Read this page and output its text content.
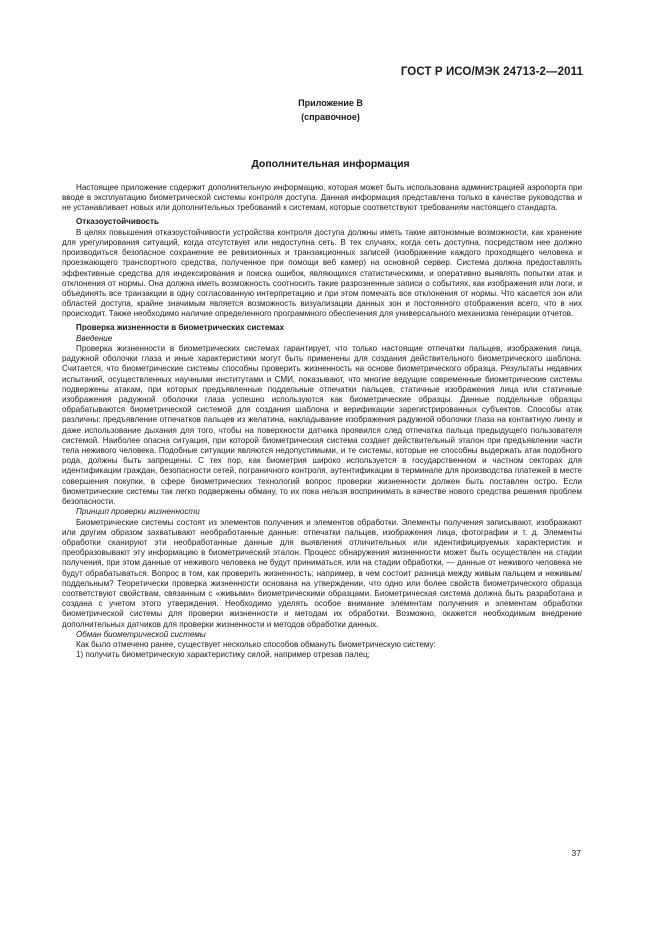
ГОСТ Р ИСО/МЭК 24713-2—2011
Приложение В
(справочное)
Дополнительная информация

Настоящее приложение содержит дополнительную информацию, которая может быть использована администрацией аэропорта при вводе в эксплуатацию биометрической системы контроля доступа. Данная информация представлена только в качестве руководства и не устанавливает новых или дополнительных требований к системам, которые соответствуют требованиям настоящего стандарта.

Отказоустойчивость

В целях повышения отказоустойчивости устройства контроля доступа должны иметь такие автономные возможности, как хранение для урегулирования ситуаций, когда отсутствует или недоступна сеть. В тех случаях, когда сеть доступна, посредством нее должно производиться безопасное сохранение ее ревизионных и транзакционных записей (изображение каждого проходящего человека и проезжающего транспортного средства, полученное при помощи веб камер) на основной сервер. Система должна предоставлять эффективные средства для индексирования и поиска ошибок, являющихся статистическими, и оперативно выявлять попытки атак и отклонения от нормы. Она должна иметь возможность соотносить такие разрозненные записи о событиях, как изображения или логи, и объединять все транзакции в одну согласованную интерпретацию и при этом помечать все отклонения от нормы. Что касается зон или областей доступа, крайне значимым является возможность визуализации данных зон и постоянного отображения всего, что в них происходит. Также необходимо наличие определенного программного обеспечения для универсального механизма генерации отчетов.

Проверка жизненности в биометрических системах

Введение

Проверка жизненности в биометрических системах гарантирует, что только настоящие отпечатки пальцев, изображения лица, радужной оболочки глаза и иные характеристики могут быть применены для создания действительного биометрического шаблона. Считается, что биометрические системы способны проверить жизненность на основе биометрического образца. Результаты недавних испытаний, осуществленных научными институтами и СМИ, показывают, что многие ведущие современные биометрические системы подвержены атакам, при которых предъявленные поддельные отпечатки пальцев, статичные изображения лица или статичные изображения радужной оболочки глаза успешно используются как биометрические образцы. Данные поддельные образцы обрабатываются биометрической системой для создания шаблона и верификации зарегистрированных субъектов. Способы атак различны: предъявление отпечатков пальцев из желатина, накладывание изображения радужной оболочки глаза на контактную линзу и даже использование дыхания для того, чтобы на поверхности датчика проявился след отпечатка пальца предыдущего пользователя системой. Наиболее опасна ситуация, при которой биометрическая система создает действительный эталон при предъявлении части тела неживого человека. Подобные ситуации являются недопустимыми, и те системы, которые не способны выдержать атак подобного рода, должны быть запрещены. С тех пор, как биометрия широко используется в государственном и частном секторах для идентификации граждан, безопасности сетей, пограничного контроля, аутентификации в терминале для производства платежей в месте совершения покупки, в сфере биометрических технологий вопрос проверки жизненности должен быть поставлен остро. Если биометрические системы так легко подвержены обману, то их пока нельзя воспринимать в качестве нового средства решения проблем безопасности.

Принцип проверки жизненности

Биометрические системы состоят из элементов получения и элементов обработки. Элементы получения записывают, изображают или другим образом захватывают необработанные данные: отпечатки пальцев, изображения лица, фотографии и т. д. Элементы обработки сканируют эти необработанные данные для выявления отличительных или идентифицируемых характеристик и преобразовывают эту информацию в биометрический эталон. Процесс обнаружения жизненности может быть осуществлен на стадии получения, при этом данные от неживого человека не будут приниматься, или на стадии обработки, — данные от неживого человека не будут обрабатываться. Вопрос в том, как проверить жизненность; например, в чем состоит разница между живым пальцем и неживым/поддельным? Теоретически проверка жизненности основана на утверждении, что одно или более свойств биометрического образца соответствуют свойствам, связанным с «живыми» биометрическими образцами. Биометрическая система должна быть разработана и создана с учетом этого утверждения. Необходимо уделять особое внимание элементам получения и элементам обработки биометрической системы для проверки жизненности и методам их обработки. Возможно, окажется необходимым внедрение дополнительных датчиков для проверки жизненности и методов обработки данных.

Обман биометрической системы

Как было отмечено ранее, существует несколько способов обмануть биометрическую систему:

1) получить биометрическую характеристику силой, например отрезав палец;

37
